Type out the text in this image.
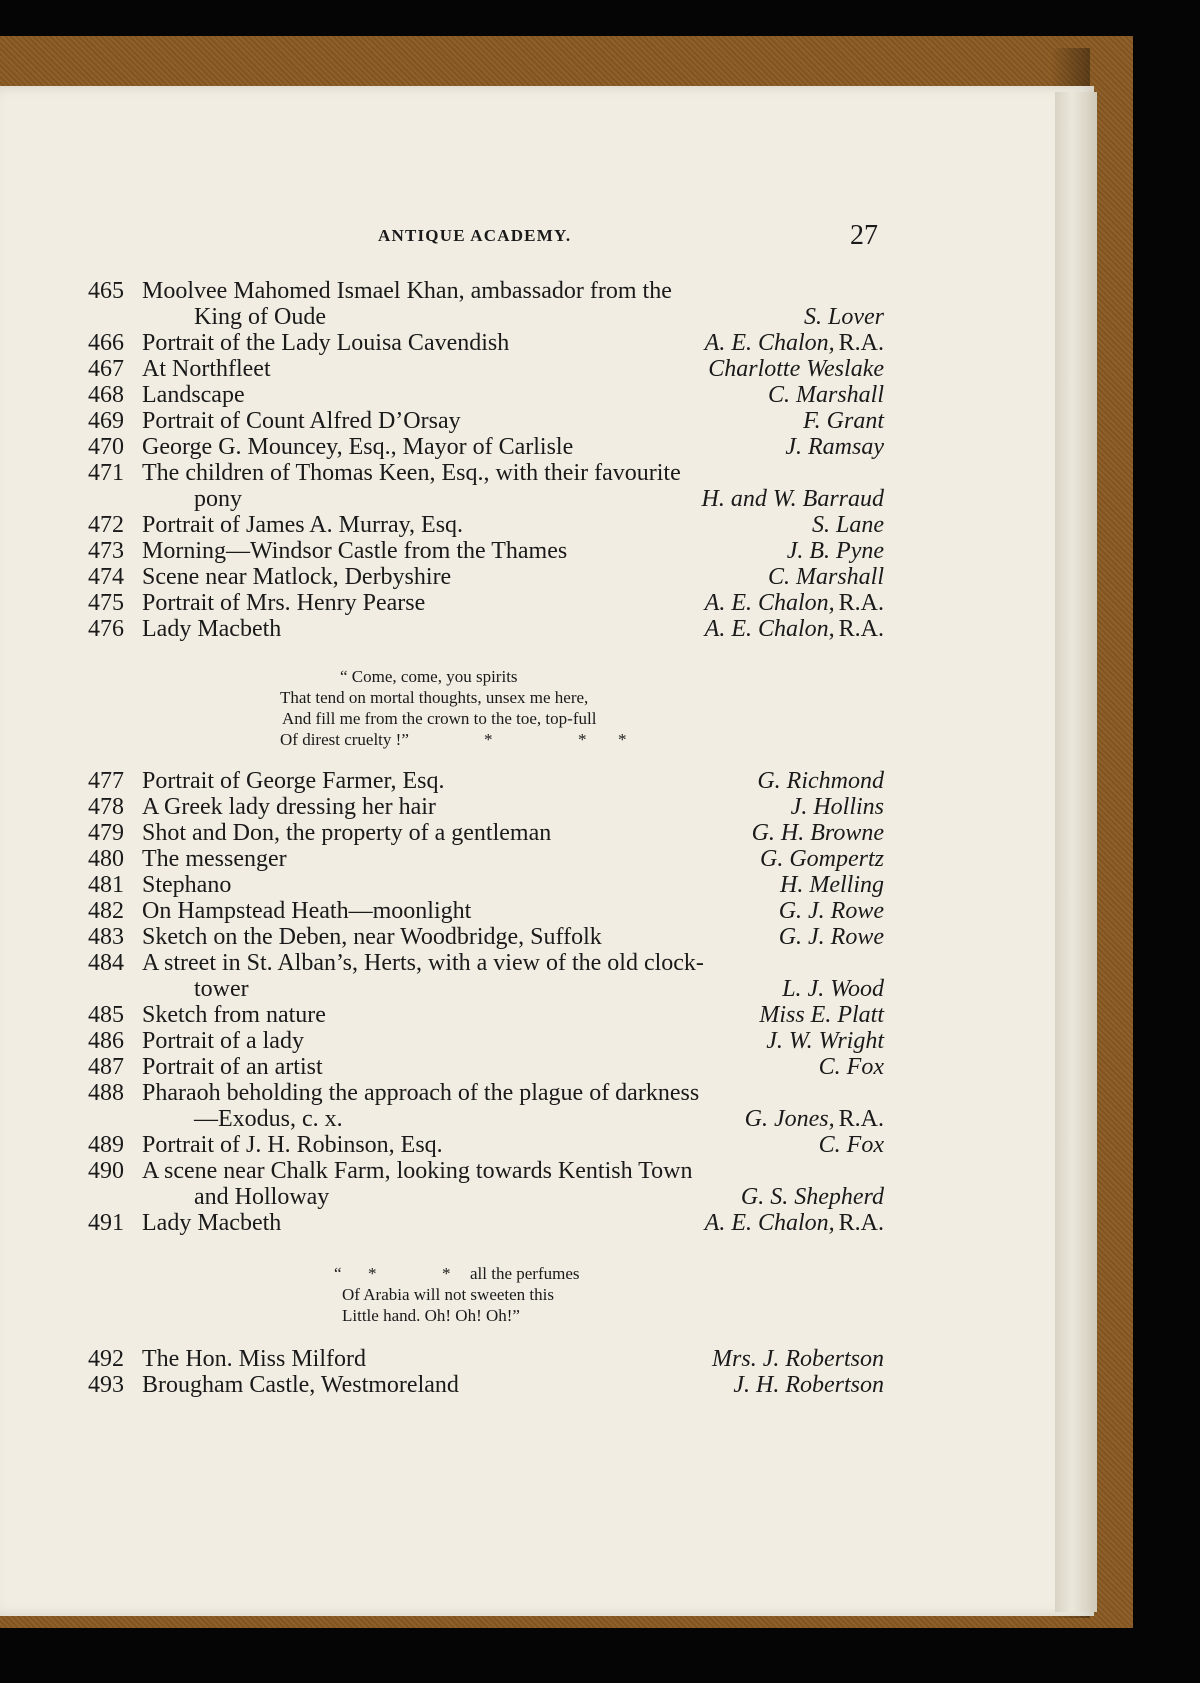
ANTIQUE ACADEMY.	27
465 Moolvee Mahomed Ismael Khan, ambassador from the
King of Oude	S. Lover
466 Portrait of the Lady Louisa Cavendish	A. E. Chalon, R.A.
467 At Northfleet	Charlotte Weslake
468 Landscape	C. Marshall
469 Portrait of Count Alfred D’Orsay	F. Grant
470 George G. Mouncey, Esq., Mayor of Carlisle	J. Ramsay
471 The children of Thomas Keen, Esq., with their favourite
pony	H. and W. Barraud
472 Portrait of James A. Murray, Esq.	S. Lane
473 Morning—Windsor Castle from the Thames	J. B. Pyne
474 Scene near Matlock, Derbyshire	C. Marshall
475 Portrait of Mrs. Henry Pearse	A. E. Chalon, R.A.
476 Lady Macbeth	A. E. Chalon, R.A.
477 Portrait of George Farmer, Esq.	G. Richmond
478 A Greek lady dressing her hair	J. Hollins
479 Shot and Don, the property of a gentleman	G. H. Browne
480 The messenger	G. Gompertz
481 Stephano	H. Melling
482 On Hampstead Heath—moonlight	G. J. Rowe
483 Sketch on the Deben, near Woodbridge, Suffolk	G. J. Rowe
484 A street in St. Alban’s, Herts, with a view of the old clock-
tower	L. J. Wood
485 Sketch from nature	Miss E. Platt
486 Portrait of a lady	J. W. Wright
487 Portrait of an artist	C. Fox
488 Pharaoh beholding the approach of the plague of darkness
—Exodus, c. x.	G. Jones, R.A.
489 Portrait of J. H. Robinson, Esq.	C. Fox
490 A scene near Chalk Farm, looking towards Kentish Town
and Holloway	G. S. Shepherd
491 Lady Macbeth	A. E. Chalon, R.A.
492 The Hon. Miss Milford	Mrs. J. Robertson
493 Brougham Castle, Westmoreland	J. H. Robertson
“ Come, come, you spirits
That tend on mortal thoughts, unsex me here,
And fill me from the crown to the toe, top-full
Of direst cruelty !”	*	* *
“ *	* all the perfumes
Of Arabia will not sweeten this
Little hand. Oh! Oh! Oh!”
